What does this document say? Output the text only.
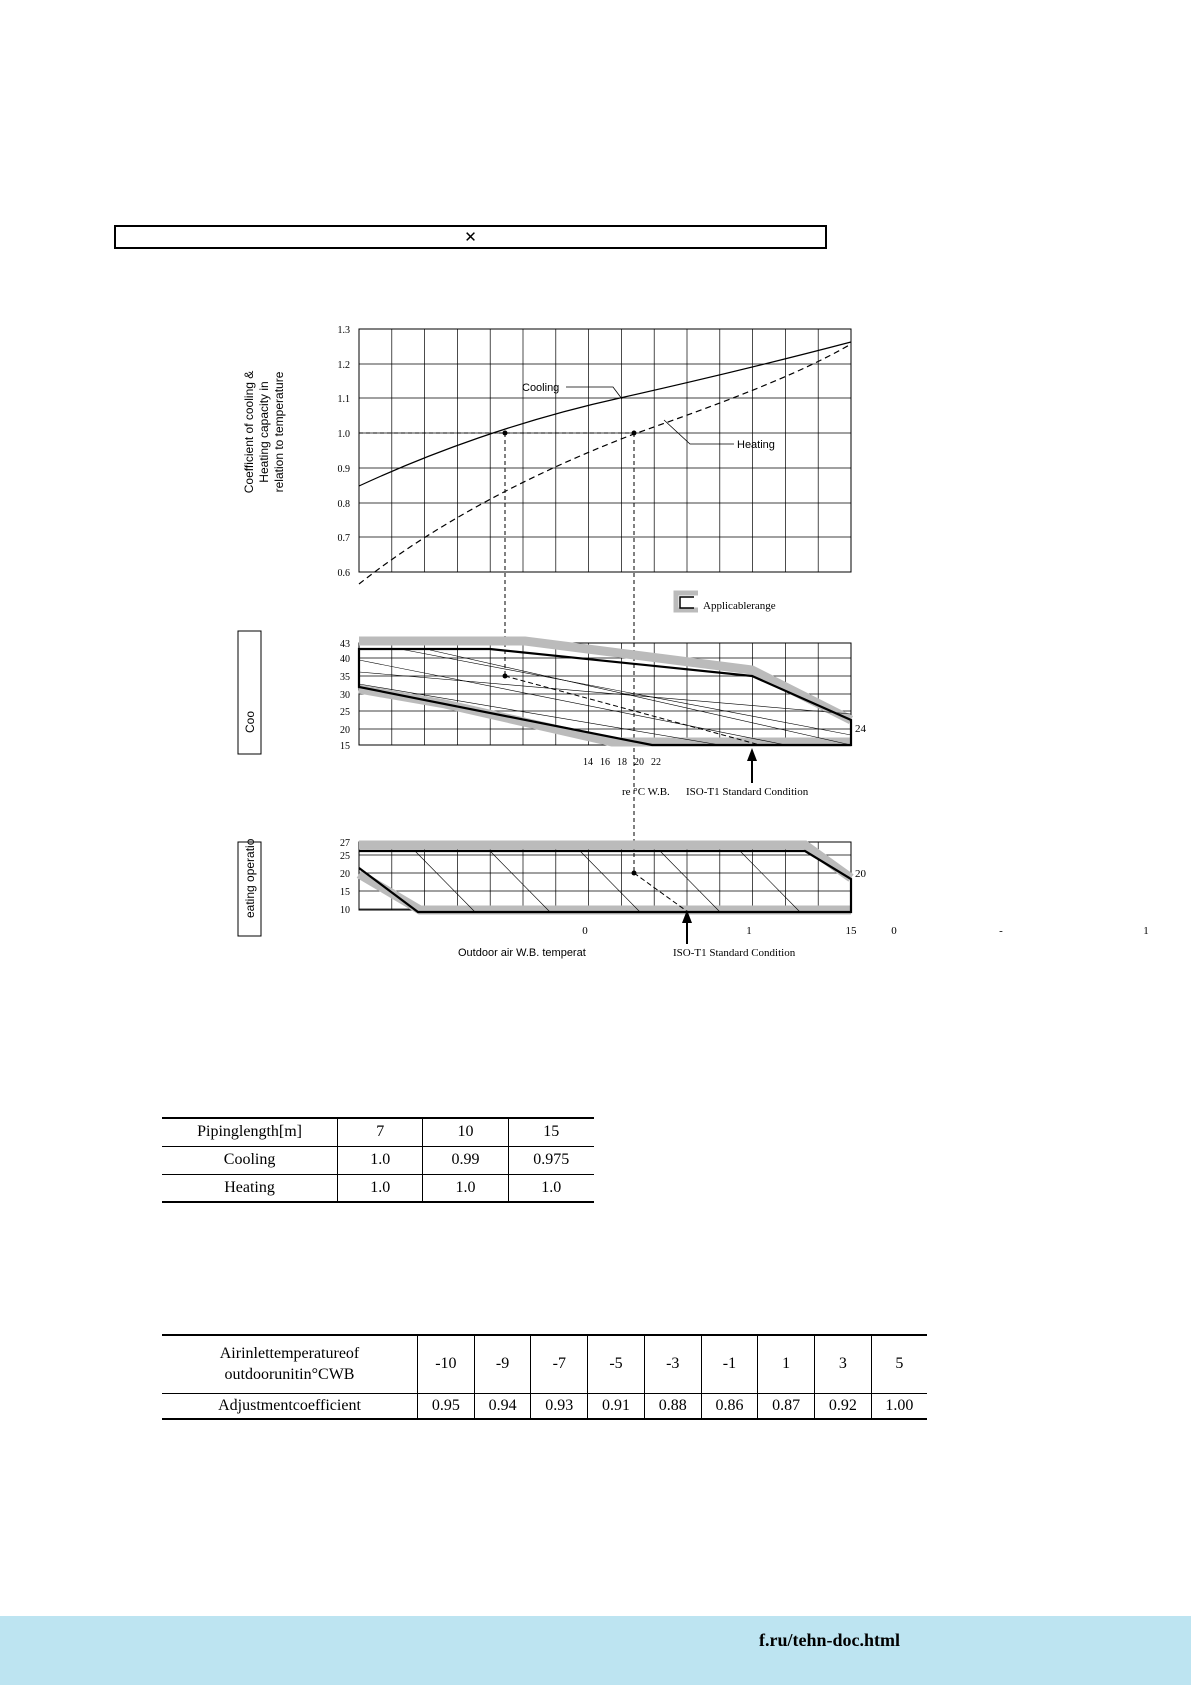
✕
Coefficient of cooling & Heating capacity in relation to temperature
Coo
eating operatio
1.3
1.2
1.1
1.0
0.9
0.8
0.7
0.6
43
40
35
30
25
20
15
27
25
20
15
10
Cooling
Heating
Applicablerange
14 16 18 20 22
24
re °C W.B. ISO-T1 Standard Condition
20
0	1	15	0	-	1
Outdoor air W.B. temperat	ISO-T1 Standard Condition
Pipinglength[m]	7	10	15
Cooling	1.0	0.99	0.975
Heating	1.0	1.0	1.0
Airinlettemperatureof
outdoorunitin°CWB	-10	-9	-7	-5	-3	-1	1	3	5
Adjustmentcoefficient	0.95	0.94	0.93	0.91	0.88	0.86	0.87	0.92	1.00
f.ru/tehn-doc.html
